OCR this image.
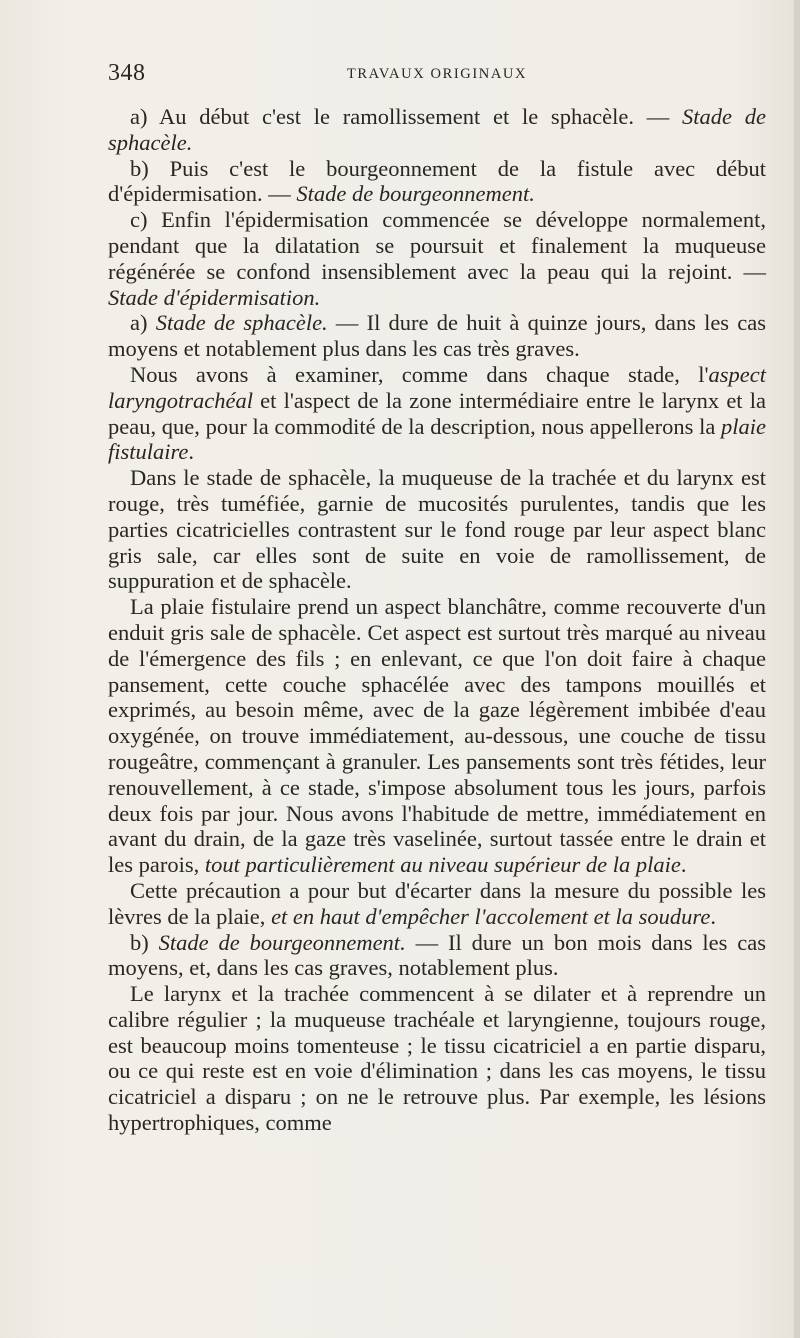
348	TRAVAUX ORIGINAUX

a) Au début c'est le ramollissement et le sphacèle. — Stade de sphacèle.

b) Puis c'est le bourgeonnement de la fistule avec début d'épidermisation. — Stade de bourgeonnement.

c) Enfin l'épidermisation commencée se développe normalement, pendant que la dilatation se poursuit et finalement la muqueuse régénérée se confond insensiblement avec la peau qui la rejoint. — Stade d'épidermisation.

a) Stade de sphacèle. — Il dure de huit à quinze jours, dans les cas moyens et notablement plus dans les cas très graves.

Nous avons à examiner, comme dans chaque stade, l'aspect laryngotrachéal et l'aspect de la zone intermédiaire entre le larynx et la peau, que, pour la commodité de la description, nous appellerons la plaie fistulaire.

Dans le stade de sphacèle, la muqueuse de la trachée et du larynx est rouge, très tuméfiée, garnie de mucosités purulentes, tandis que les parties cicatricielles contrastent sur le fond rouge par leur aspect blanc gris sale, car elles sont de suite en voie de ramollissement, de suppuration et de sphacèle.

La plaie fistulaire prend un aspect blanchâtre, comme recouverte d'un enduit gris sale de sphacèle. Cet aspect est surtout très marqué au niveau de l'émergence des fils ; en enlevant, ce que l'on doit faire à chaque pansement, cette couche sphacélée avec des tampons mouillés et exprimés, au besoin même, avec de la gaze légèrement imbibée d'eau oxygénée, on trouve immédiatement, au-dessous, une couche de tissu rougeâtre, commençant à granuler. Les pansements sont très fétides, leur renouvellement, à ce stade, s'impose absolument tous les jours, parfois deux fois par jour. Nous avons l'habitude de mettre, immédiatement en avant du drain, de la gaze très vaselinée, surtout tassée entre le drain et les parois, tout particulièrement au niveau supérieur de la plaie.

Cette précaution a pour but d'écarter dans la mesure du possible les lèvres de la plaie, et en haut d'empêcher l'accolement et la soudure.

b) Stade de bourgeonnement. — Il dure un bon mois dans les cas moyens, et, dans les cas graves, notablement plus.

Le larynx et la trachée commencent à se dilater et à reprendre un calibre régulier ; la muqueuse trachéale et laryngienne, toujours rouge, est beaucoup moins tomenteuse ; le tissu cicatriciel a en partie disparu, ou ce qui reste est en voie d'élimination ; dans les cas moyens, le tissu cicatriciel a disparu ; on ne le retrouve plus. Par exemple, les lésions hypertrophiques, comme
